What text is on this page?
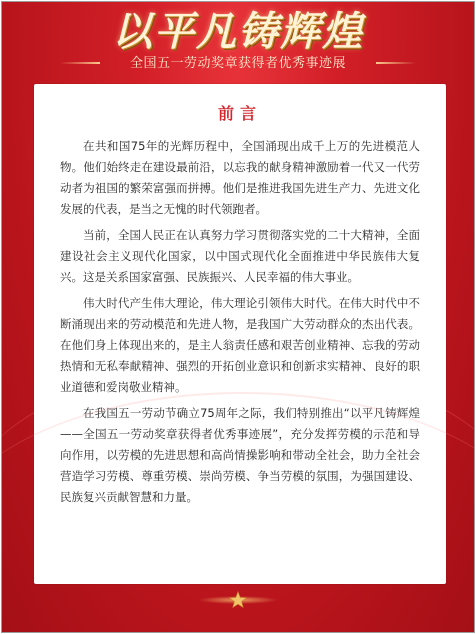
以平凡铸辉煌
全国五一劳动奖章获得者优秀事迹展
前言

在共和国75年的光辉历程中，全国涌现出成千上万的先进模范人物。他们始终走在建设最前沿，以忘我的献身精神激励着一代又一代劳动者为祖国的繁荣富强而拼搏。他们是推进我国先进生产力、先进文化发展的代表，是当之无愧的时代领跑者。

当前，全国人民正在认真努力学习贯彻落实党的二十大精神，全面建设社会主义现代化国家，以中国式现代化全面推进中华民族伟大复兴。这是关系国家富强、民族振兴、人民幸福的伟大事业。

伟大时代产生伟大理论，伟大理论引领伟大时代。在伟大时代中不断涌现出来的劳动模范和先进人物，是我国广大劳动群众的杰出代表。在他们身上体现出来的，是主人翁责任感和艰苦创业精神、忘我的劳动热情和无私奉献精神、强烈的开拓创业意识和创新求实精神、良好的职业道德和爱岗敬业精神。

在我国五一劳动节确立75周年之际，我们特别推出“以平凡铸辉煌——全国五一劳动奖章获得者优秀事迹展”，充分发挥劳模的示范和导向作用，以劳模的先进思想和高尚情操影响和带动全社会，助力全社会营造学习劳模、尊重劳模、崇尚劳模、争当劳模的氛围，为强国建设、民族复兴贡献智慧和力量。
